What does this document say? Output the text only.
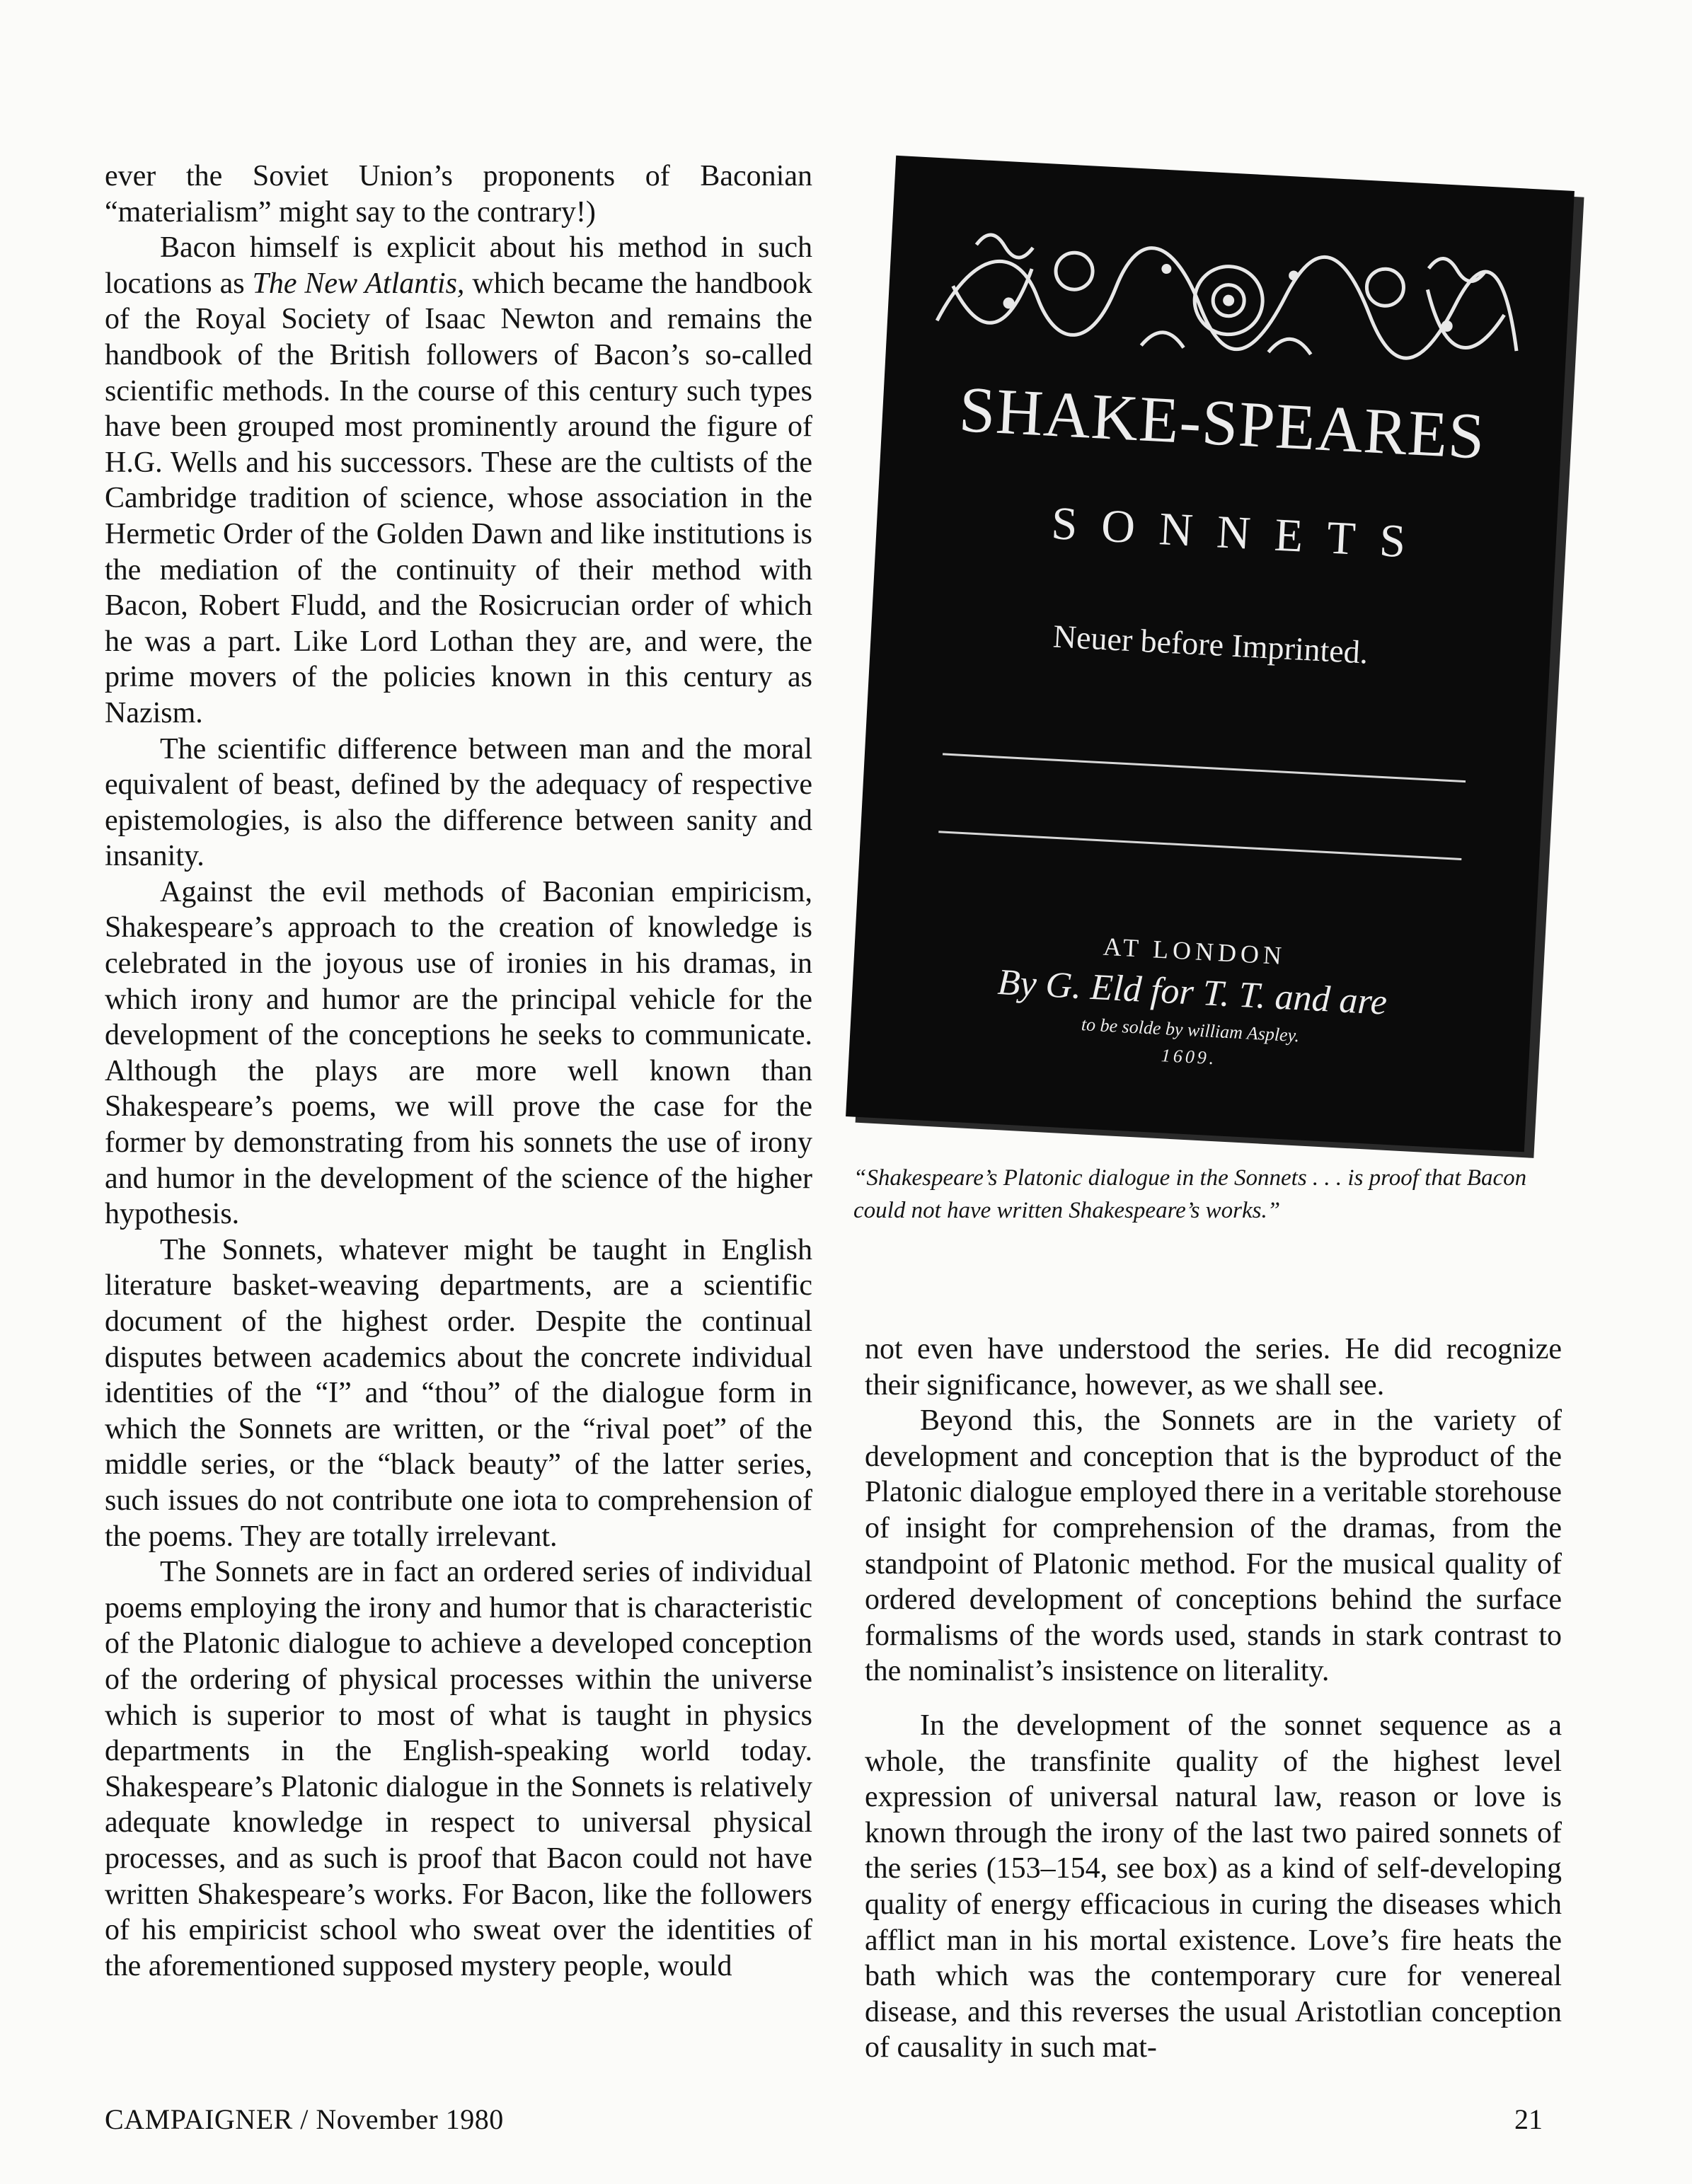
ever the Soviet Union’s proponents of Baconian “materialism” might say to the contrary!)

Bacon himself is explicit about his method in such locations as The New Atlantis, which became the handbook of the Royal Society of Isaac Newton and remains the handbook of the British followers of Bacon’s so-called scientific methods. In the course of this century such types have been grouped most prominently around the figure of H.G. Wells and his successors. These are the cultists of the Cambridge tradition of science, whose association in the Hermetic Order of the Golden Dawn and like institutions is the mediation of the continuity of their method with Bacon, Robert Fludd, and the Rosicrucian order of which he was a part. Like Lord Lothan they are, and were, the prime movers of the policies known in this century as Nazism.

The scientific difference between man and the moral equivalent of beast, defined by the adequacy of respective epistemologies, is also the difference between sanity and insanity.

Against the evil methods of Baconian empiricism, Shakespeare’s approach to the creation of knowledge is celebrated in the joyous use of ironies in his dramas, in which irony and humor are the principal vehicle for the development of the conceptions he seeks to communicate. Although the plays are more well known than Shakespeare’s poems, we will prove the case for the former by demonstrating from his sonnets the use of irony and humor in the development of the science of the higher hypothesis.

The Sonnets, whatever might be taught in English literature basket-weaving departments, are a scientific document of the highest order. Despite the continual disputes between academics about the concrete individual identities of the “I” and “thou” of the dialogue form in which the Sonnets are written, or the “rival poet” of the middle series, or the “black beauty” of the latter series, such issues do not contribute one iota to comprehension of the poems. They are totally irrelevant.

The Sonnets are in fact an ordered series of individual poems employing the irony and humor that is characteristic of the Platonic dialogue to achieve a developed conception of the ordering of physical processes within the universe which is superior to most of what is taught in physics departments in the English-speaking world today. Shakespeare’s Platonic dialogue in the Sonnets is relatively adequate knowledge in respect to universal physical processes, and as such is proof that Bacon could not have written Shakespeare’s works. For Bacon, like the followers of his empiricist school who sweat over the identities of the aforementioned supposed mystery people, would

SHAKE-SPEARES
SONNETS
Neuer before Imprinted.
AT LONDON
By G. Eld for T. T. and are
to be solde by william Aspley.
1609.
“Shakespeare’s Platonic dialogue in the Sonnets . . . is proof that Bacon could not have written Shakespeare’s works.”

not even have understood the series. He did recognize their significance, however, as we shall see.

Beyond this, the Sonnets are in the variety of development and conception that is the byproduct of the Platonic dialogue employed there in a veritable storehouse of insight for comprehension of the dramas, from the standpoint of Platonic method. For the musical quality of ordered development of conceptions behind the surface formalisms of the words used, stands in stark contrast to the nominalist’s insistence on literality.

In the development of the sonnet sequence as a whole, the transfinite quality of the highest level expression of universal natural law, reason or love is known through the irony of the last two paired sonnets of the series (153–154, see box) as a kind of self-developing quality of energy efficacious in curing the diseases which afflict man in his mortal existence. Love’s fire heats the bath which was the contemporary cure for venereal disease, and this reverses the usual Aristotlian conception of causality in such mat-

CAMPAIGNER / November 1980	21
